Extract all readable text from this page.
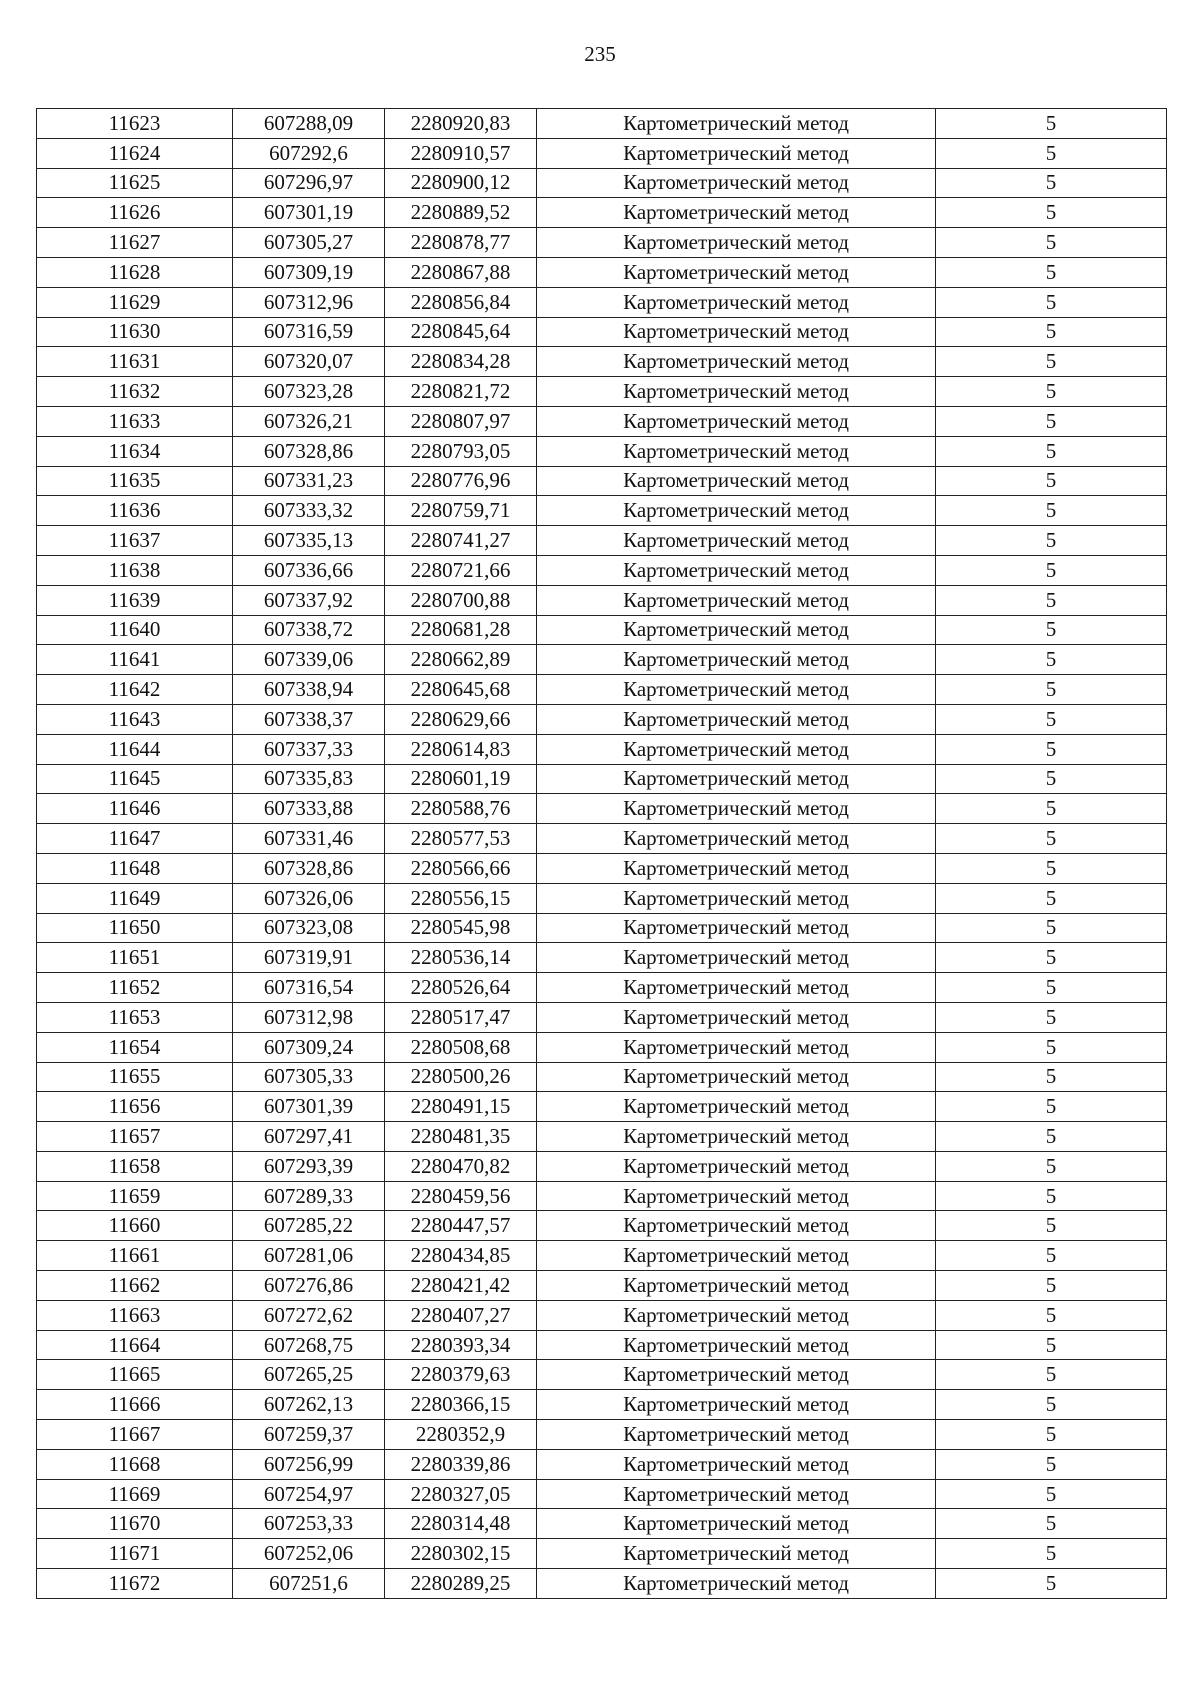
235
11623	607288,09	2280920,83	Картометрический метод	5
11624	607292,6	2280910,57	Картометрический метод	5
11625	607296,97	2280900,12	Картометрический метод	5
11626	607301,19	2280889,52	Картометрический метод	5
11627	607305,27	2280878,77	Картометрический метод	5
11628	607309,19	2280867,88	Картометрический метод	5
11629	607312,96	2280856,84	Картометрический метод	5
11630	607316,59	2280845,64	Картометрический метод	5
11631	607320,07	2280834,28	Картометрический метод	5
11632	607323,28	2280821,72	Картометрический метод	5
11633	607326,21	2280807,97	Картометрический метод	5
11634	607328,86	2280793,05	Картометрический метод	5
11635	607331,23	2280776,96	Картометрический метод	5
11636	607333,32	2280759,71	Картометрический метод	5
11637	607335,13	2280741,27	Картометрический метод	5
11638	607336,66	2280721,66	Картометрический метод	5
11639	607337,92	2280700,88	Картометрический метод	5
11640	607338,72	2280681,28	Картометрический метод	5
11641	607339,06	2280662,89	Картометрический метод	5
11642	607338,94	2280645,68	Картометрический метод	5
11643	607338,37	2280629,66	Картометрический метод	5
11644	607337,33	2280614,83	Картометрический метод	5
11645	607335,83	2280601,19	Картометрический метод	5
11646	607333,88	2280588,76	Картометрический метод	5
11647	607331,46	2280577,53	Картометрический метод	5
11648	607328,86	2280566,66	Картометрический метод	5
11649	607326,06	2280556,15	Картометрический метод	5
11650	607323,08	2280545,98	Картометрический метод	5
11651	607319,91	2280536,14	Картометрический метод	5
11652	607316,54	2280526,64	Картометрический метод	5
11653	607312,98	2280517,47	Картометрический метод	5
11654	607309,24	2280508,68	Картометрический метод	5
11655	607305,33	2280500,26	Картометрический метод	5
11656	607301,39	2280491,15	Картометрический метод	5
11657	607297,41	2280481,35	Картометрический метод	5
11658	607293,39	2280470,82	Картометрический метод	5
11659	607289,33	2280459,56	Картометрический метод	5
11660	607285,22	2280447,57	Картометрический метод	5
11661	607281,06	2280434,85	Картометрический метод	5
11662	607276,86	2280421,42	Картометрический метод	5
11663	607272,62	2280407,27	Картометрический метод	5
11664	607268,75	2280393,34	Картометрический метод	5
11665	607265,25	2280379,63	Картометрический метод	5
11666	607262,13	2280366,15	Картометрический метод	5
11667	607259,37	2280352,9	Картометрический метод	5
11668	607256,99	2280339,86	Картометрический метод	5
11669	607254,97	2280327,05	Картометрический метод	5
11670	607253,33	2280314,48	Картометрический метод	5
11671	607252,06	2280302,15	Картометрический метод	5
11672	607251,6	2280289,25	Картометрический метод	5
